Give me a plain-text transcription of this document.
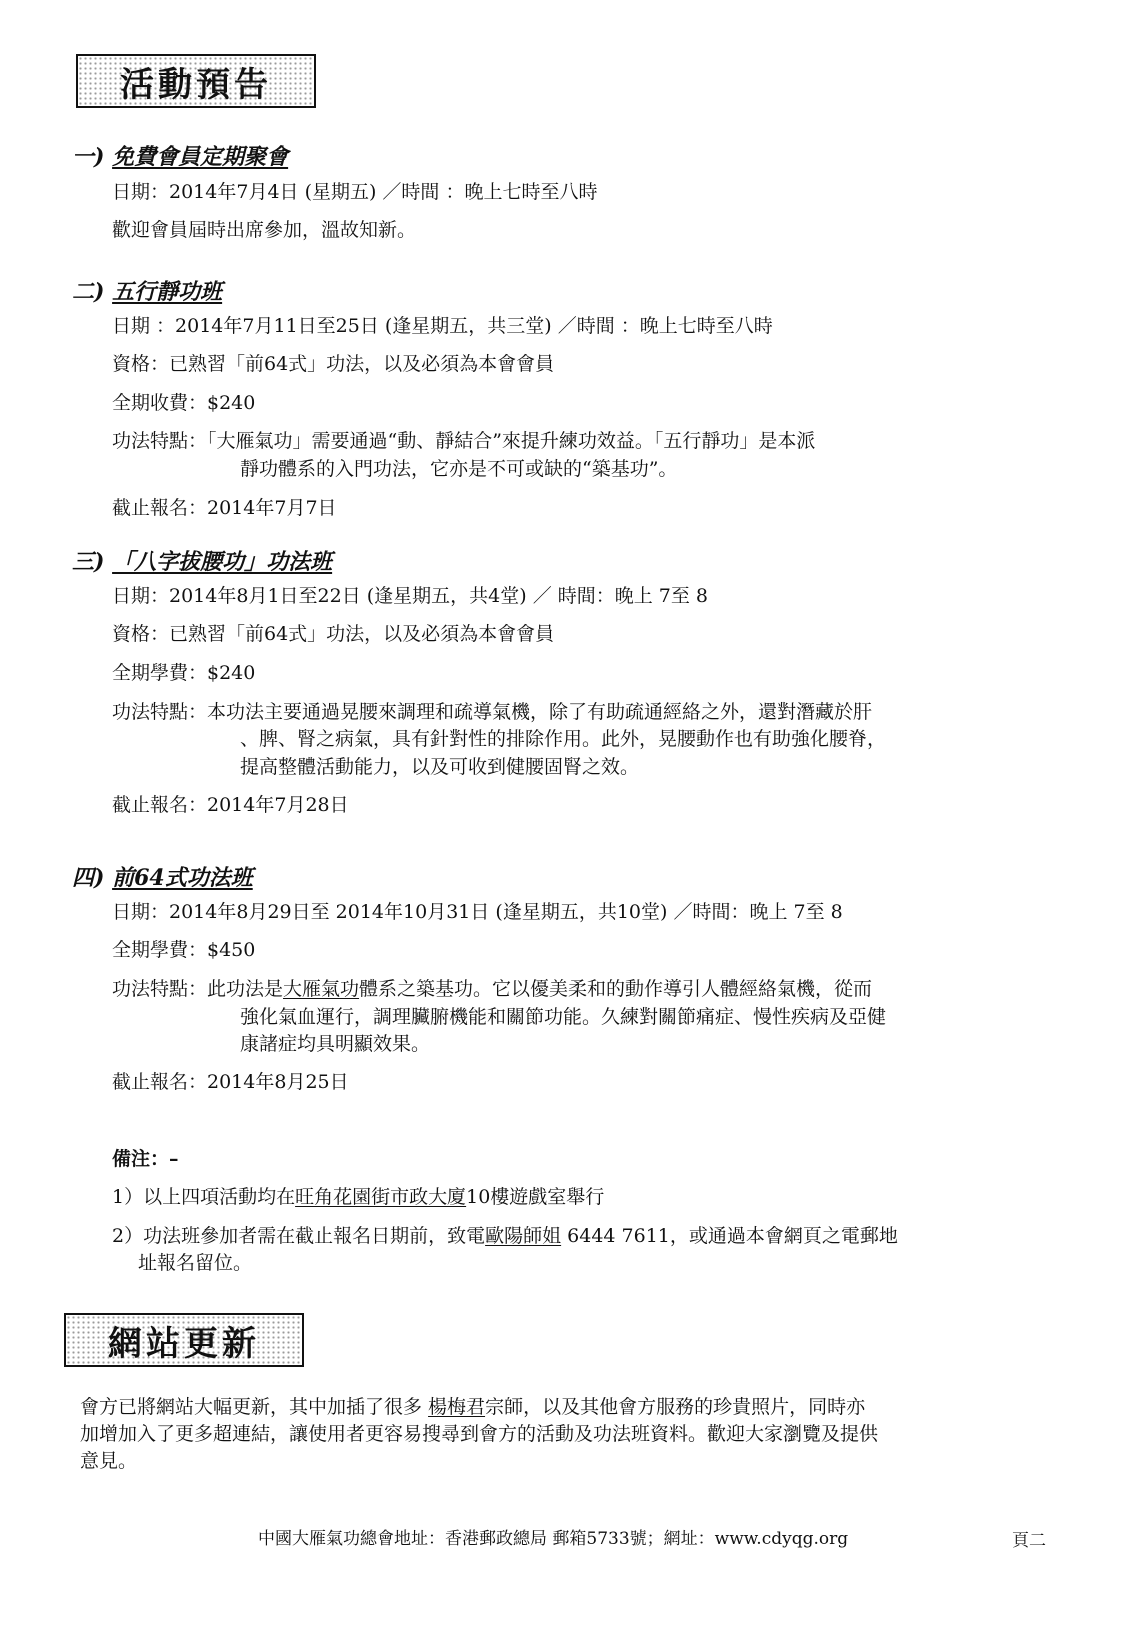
活動預告
一) 免費會員定期聚會
日期：2014年7月4日 (星期五) ／時間 ：晚上七時至八時
歡迎會員屆時出席參加，溫故知新。
二) 五行靜功班
日期 ：2014年7月11日至25日 (逢星期五，共三堂) ／時間 ：晚上七時至八時
資格：已熟習「前64式」功法，以及必須為本會會員
全期收費：$240
功法特點：「大雁氣功」需要通過“動、靜結合”來提升練功效益。「五行靜功」是本派
靜功體系的入門功法，它亦是不可或缺的“築基功”。
截止報名：2014年7月7日
三) 「八字拔腰功」功法班
日期：2014年8月1日至22日 (逢星期五，共4堂) ／ 時間：晚上 7至 8
資格：已熟習「前64式」功法，以及必須為本會會員
全期學費：$240
功法特點：本功法主要通過晃腰來調理和疏導氣機，除了有助疏通經絡之外，還對潛藏於肝
、脾、腎之病氣，具有針對性的排除作用。此外，晃腰動作也有助強化腰脊，
提高整體活動能力，以及可收到健腰固腎之效。
截止報名：2014年7月28日
四) 前64式功法班
日期：2014年8月29日至 2014年10月31日 (逢星期五，共10堂) ／時間：晚上 7至 8
全期學費：$450
功法特點：此功法是大雁氣功體系之築基功。它以優美柔和的動作導引人體經絡氣機，從而
強化氣血運行，調理臟腑機能和關節功能。久練對關節痛症、慢性疾病及亞健
康諸症均具明顯效果。
截止報名：2014年8月25日
備注：–
1）以上四項活動均在旺角花園街市政大廈10樓遊戲室舉行
2）功法班參加者需在截止報名日期前，致電歐陽師姐 6444 7611，或通過本會網頁之電郵地
址報名留位。
網站更新
會方已將網站大幅更新，其中加插了很多 楊梅君宗師，以及其他會方服務的珍貴照片，同時亦
加增加入了更多超連結，讓使用者更容易搜尋到會方的活動及功法班資料。歡迎大家瀏覽及提供
意見。
中國大雁氣功總會地址：香港郵政總局 郵箱5733號；網址：www.cdyqg.org	頁二
